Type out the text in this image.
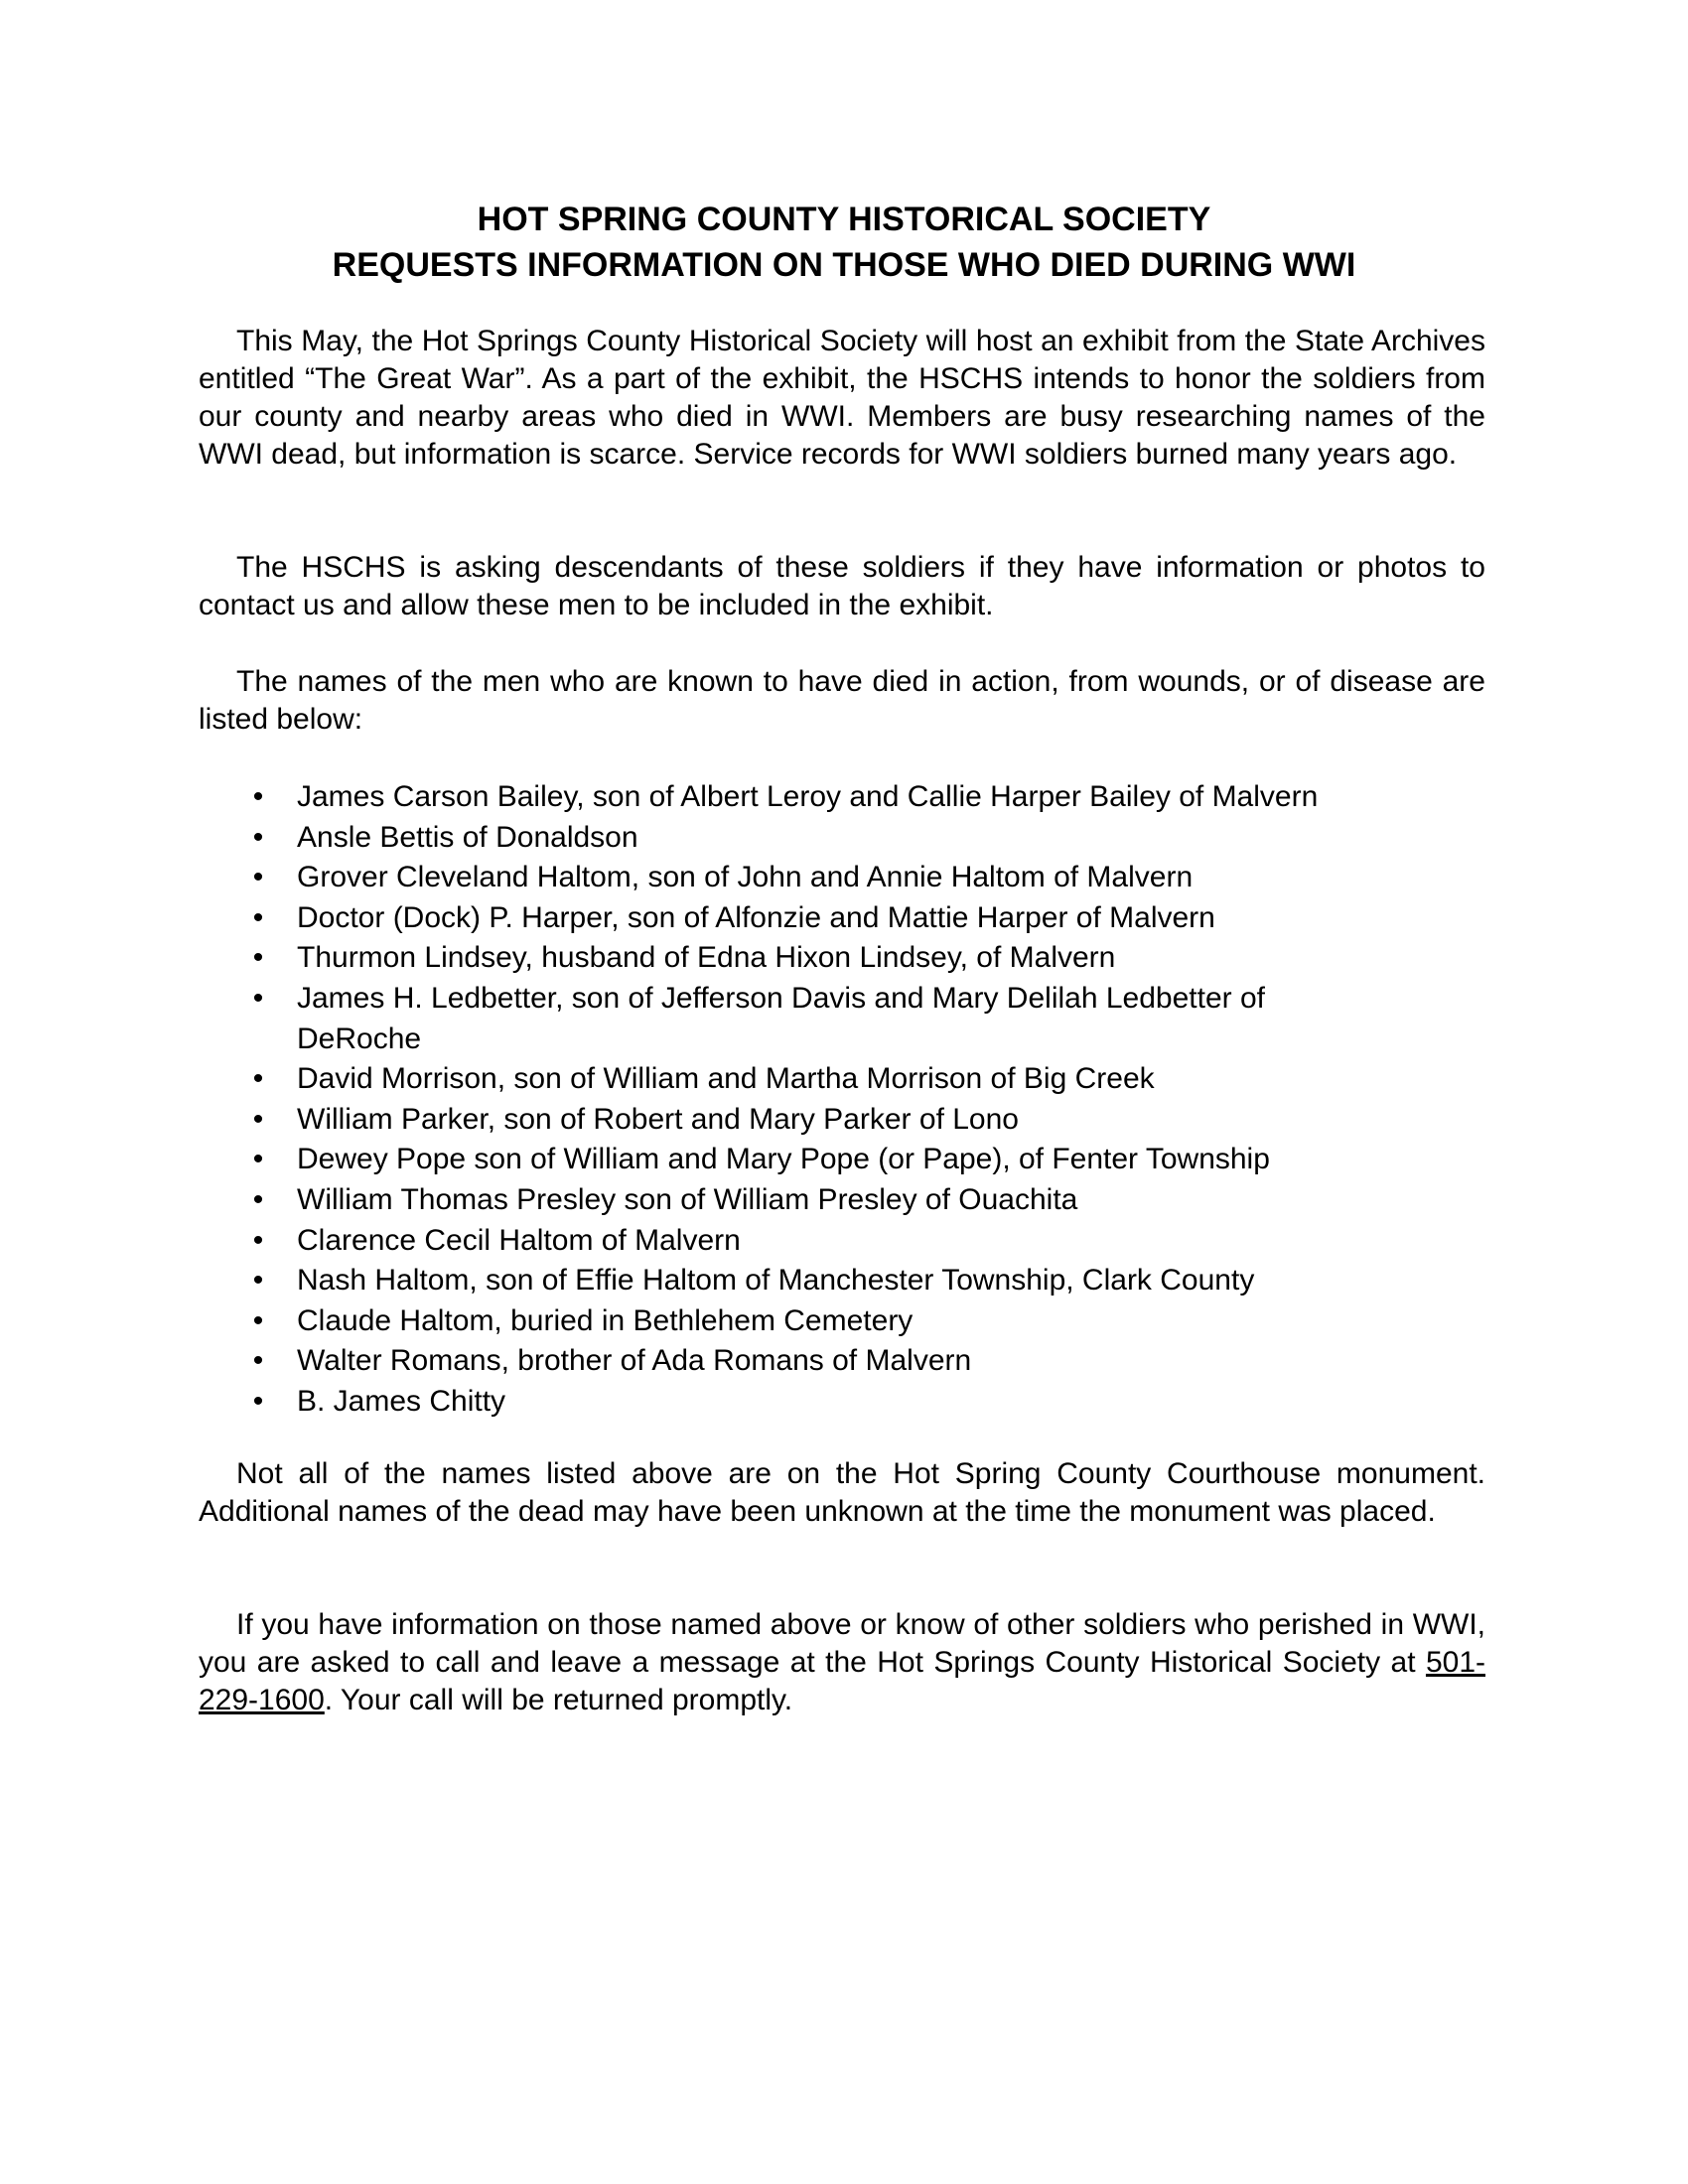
HOT SPRING COUNTY HISTORICAL SOCIETY
REQUESTS INFORMATION ON THOSE WHO DIED DURING WWI

This May, the Hot Springs County Historical Society will host an exhibit from the State Archives entitled “The Great War”. As a part of the exhibit, the HSCHS intends to honor the soldiers from our county and nearby areas who died in WWI. Members are busy researching names of the WWI dead, but information is scarce. Service records for WWI soldiers burned many years ago.

The HSCHS is asking descendants of these soldiers if they have information or photos to contact us and allow these men to be included in the exhibit.

The names of the men who are known to have died in action, from wounds, or of disease are listed below:

• James Carson Bailey, son of Albert Leroy and Callie Harper Bailey of Malvern
• Ansle Bettis of Donaldson
• Grover Cleveland Haltom, son of John and Annie Haltom of Malvern
• Doctor (Dock) P. Harper, son of Alfonzie and Mattie Harper of Malvern
• Thurmon Lindsey, husband of Edna Hixon Lindsey, of Malvern
• James H. Ledbetter, son of Jefferson Davis and Mary Delilah Ledbetter of DeRoche
• David Morrison, son of William and Martha Morrison of Big Creek
• William Parker, son of Robert and Mary Parker of Lono
• Dewey Pope son of William and Mary Pope (or Pape), of Fenter Township
• William Thomas Presley son of William Presley of Ouachita
• Clarence Cecil Haltom of Malvern
• Nash Haltom, son of Effie Haltom of Manchester Township, Clark County
• Claude Haltom, buried in Bethlehem Cemetery
• Walter Romans, brother of Ada Romans of Malvern
• B. James Chitty

Not all of the names listed above are on the Hot Spring County Courthouse monument. Additional names of the dead may have been unknown at the time the monument was placed.

If you have information on those named above or know of other soldiers who perished in WWI, you are asked to call and leave a message at the Hot Springs County Historical Society at 501-229-1600. Your call will be returned promptly.
